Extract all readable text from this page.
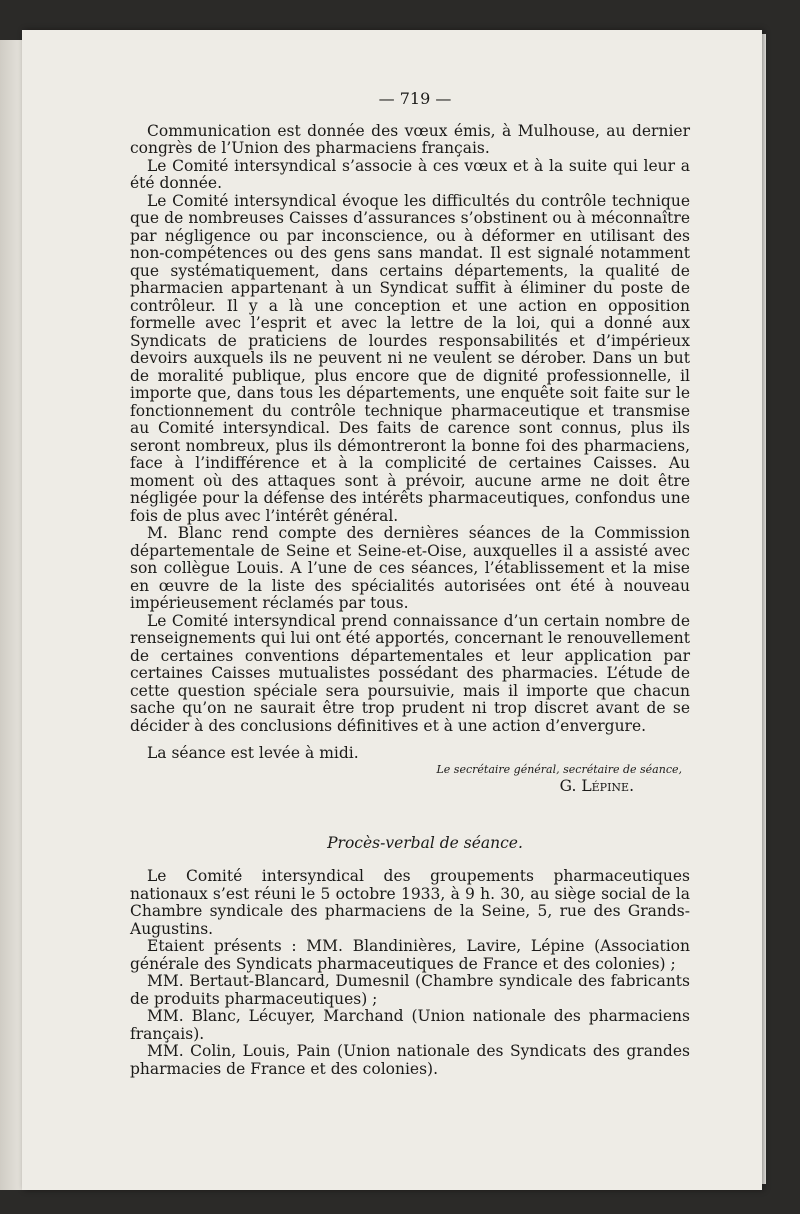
— 719 —

Communication est donnée des vœux émis, à Mulhouse, au dernier congrès de l’Union des pharmaciens français.

Le Comité intersyndical s’associe à ces vœux et à la suite qui leur a été donnée.

Le Comité intersyndical évoque les difficultés du contrôle technique que de nombreuses Caisses d’assurances s’obstinent ou à méconnaître par négligence ou par inconscience, ou à déformer en utilisant des non-compétences ou des gens sans mandat. Il est signalé notamment que systématiquement, dans certains départements, la qualité de pharmacien appartenant à un Syndicat suffit à éliminer du poste de contrôleur. Il y a là une conception et une action en opposition formelle avec l’esprit et avec la lettre de la loi, qui a donné aux Syndicats de praticiens de lourdes responsabilités et d’impérieux devoirs auxquels ils ne peuvent ni ne veulent se dérober. Dans un but de moralité publique, plus encore que de dignité professionnelle, il importe que, dans tous les départements, une enquête soit faite sur le fonctionnement du contrôle technique pharmaceutique et transmise au Comité intersyndical. Des faits de carence sont connus, plus ils seront nombreux, plus ils démontreront la bonne foi des pharmaciens, face à l’indifférence et à la complicité de certaines Caisses. Au moment où des attaques sont à prévoir, aucune arme ne doit être négligée pour la défense des intérêts pharmaceutiques, confondus une fois de plus avec l’intérêt général.

M. Blanc rend compte des dernières séances de la Commission départementale de Seine et Seine-et-Oise, auxquelles il a assisté avec son collègue Louis. A l’une de ces séances, l’établissement et la mise en œuvre de la liste des spécialités autorisées ont été à nouveau impérieusement réclamés par tous.

Le Comité intersyndical prend connaissance d’un certain nombre de renseignements qui lui ont été apportés, concernant le renouvellement de certaines conventions départementales et leur application par certaines Caisses mutualistes possédant des pharmacies. L’étude de cette question spéciale sera poursuivie, mais il importe que chacun sache qu’on ne saurait être trop prudent ni trop discret avant de se décider à des conclusions définitives et à une action d’envergure.

La séance est levée à midi.

Le secrétaire général, secrétaire de séance,
G. Lépine.
Procès-verbal de séance.

Le Comité intersyndical des groupements pharmaceutiques nationaux s’est réuni le 5 octobre 1933, à 9 h. 30, au siège social de la Chambre syndicale des pharmaciens de la Seine, 5, rue des Grands-Augustins.

Etaient présents : MM. Blandinières, Lavire, Lépine (Association générale des Syndicats pharmaceutiques de France et des colonies) ;

MM. Bertaut-Blancard, Dumesnil (Chambre syndicale des fabricants de produits pharmaceutiques) ;

MM. Blanc, Lécuyer, Marchand (Union nationale des pharmaciens français).

MM. Colin, Louis, Pain (Union nationale des Syndicats des grandes pharmacies de France et des colonies).
